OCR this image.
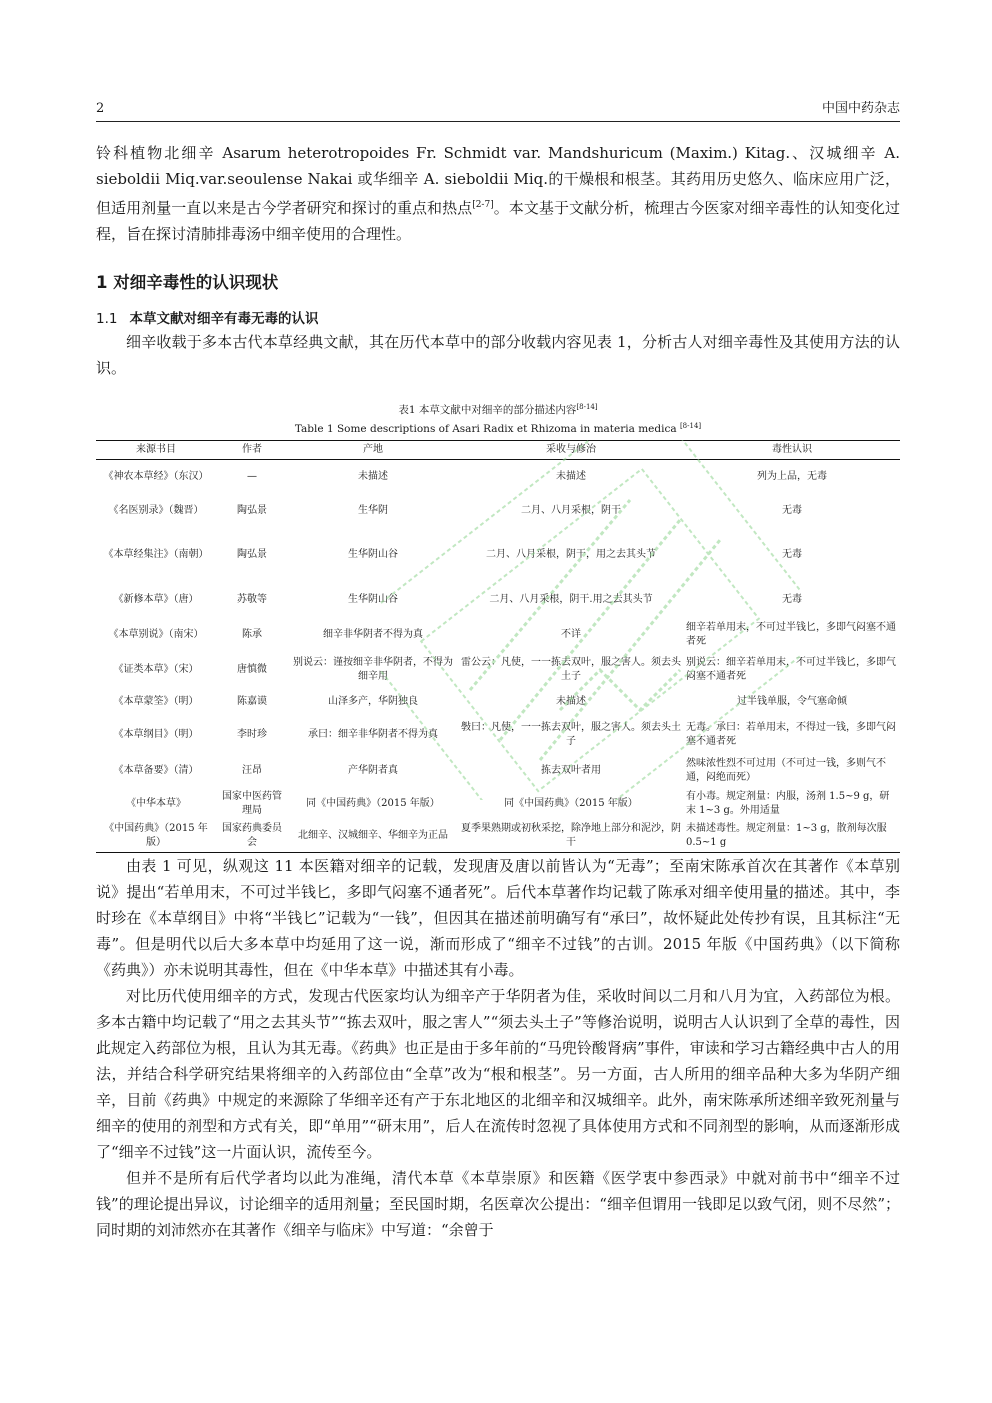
2	中国中药杂志

铃科植物北细辛 Asarum heterotropoides Fr. Schmidt var. Mandshuricum (Maxim.) Kitag.、汉城细辛 A. sieboldii Miq.var.seoulense Nakai 或华细辛 A. sieboldii Miq.的干燥根和根茎。其药用历史悠久、临床应用广泛，但适用剂量一直以来是古今学者研究和探讨的重点和热点[2-7]。本文基于文献分析，梳理古今医家对细辛毒性的认知变化过程，旨在探讨清肺排毒汤中细辛使用的合理性。

1 对细辛毒性的认识现状
1.1 本草文献对细辛有毒无毒的认识

细辛收载于多本古代本草经典文献，其在历代本草中的部分收载内容见表 1，分析古人对细辛毒性及其使用方法的认识。

表1 本草文献中对细辛的部分描述内容[8-14]
Table 1 Some descriptions of Asari Radix et Rhizoma in materia medica [8-14]
来源书目	作者	产地	采收与修治	毒性认识
《神农本草经》（东汉）	—	未描述	未描述	列为上品，无毒
《名医别录》（魏晋）	陶弘景	生华阴	二月、八月采根，阴干	无毒
《本草经集注》（南朝）	陶弘景	生华阴山谷	二月、八月采根，阴干，用之去其头节	无毒
《新修本草》（唐）	苏敬等	生华阴山谷	二月、八月采根，阴干.用之去其头节	无毒
《本草别说》（南宋）	陈承	细辛非华阴者不得为真	不详	细辛若单用末，不可过半钱匕，多即气闷塞不通者死
《证类本草》（宋）	唐慎微	别说云：谨按细辛非华阴者，不得为细辛用	雷公云：凡使，一一拣去双叶，服之害人。须去头土子	别说云：细辛若单用末，不可过半钱匕，多即气闷塞不通者死
《本草蒙筌》（明）	陈嘉谟	山泽多产，华阴独良	未描述	过半钱单服，令气塞命倾
《本草纲目》（明）	李时珍	承曰：细辛非华阴者不得为真	斅曰：凡使，一一拣去双叶，服之害人。须去头土子	无毒。承曰：若单用末，不得过一钱，多即气闷塞不通者死
《本草备要》（清）	汪昂	产华阴者真	拣去双叶者用	然味浓性烈不可过用（不可过一钱，多则气不通，闷绝而死）
《中华本草》	国家中医药管理局	同《中国药典》（2015 年版）	同《中国药典》（2015 年版）	有小毒。规定剂量：内服，汤剂 1.5~9 g，研末 1~3 g。外用适量
《中国药典》（2015 年版）	国家药典委员会	北细辛、汉城细辛、华细辛为正品	夏季果熟期或初秋采挖，除净地上部分和泥沙，阴干	未描述毒性。规定剂量：1~3 g，散剂每次服 0.5~1 g

由表 1 可见，纵观这 11 本医籍对细辛的记载，发现唐及唐以前皆认为“无毒”；至南宋陈承首次在其著作《本草别说》提出“若单用末，不可过半钱匕，多即气闷塞不通者死”。后代本草著作均记载了陈承对细辛使用量的描述。其中，李时珍在《本草纲目》中将“半钱匕”记载为“一钱”，但因其在描述前明确写有“承曰”，故怀疑此处传抄有误，且其标注“无毒”。但是明代以后大多本草中均延用了这一说，渐而形成了“细辛不过钱”的古训。2015 年版《中国药典》（以下简称《药典》）亦未说明其毒性，但在《中华本草》中描述其有小毒。

对比历代使用细辛的方式，发现古代医家均认为细辛产于华阴者为佳，采收时间以二月和八月为宜，入药部位为根。多本古籍中均记载了“用之去其头节”“拣去双叶，服之害人”“须去头土子”等修治说明，说明古人认识到了全草的毒性，因此规定入药部位为根，且认为其无毒。《药典》也正是由于多年前的“马兜铃酸肾病”事件，审读和学习古籍经典中古人的用法，并结合科学研究结果将细辛的入药部位由“全草”改为“根和根茎”。另一方面，古人所用的细辛品种大多为华阴产细辛，目前《药典》中规定的来源除了华细辛还有产于东北地区的北细辛和汉城细辛。此外，南宋陈承所述细辛致死剂量与细辛的使用的剂型和方式有关，即“单用”“研末用”，后人在流传时忽视了具体使用方式和不同剂型的影响，从而逐渐形成了“细辛不过钱”这一片面认识，流传至今。

但并不是所有后代学者均以此为准绳，清代本草《本草崇原》和医籍《医学衷中参西录》中就对前书中“细辛不过钱”的理论提出异议，讨论细辛的适用剂量；至民国时期，名医章次公提出：“细辛但谓用一钱即足以致气闭，则不尽然”；同时期的刘沛然亦在其著作《细辛与临床》中写道：“余曾于
